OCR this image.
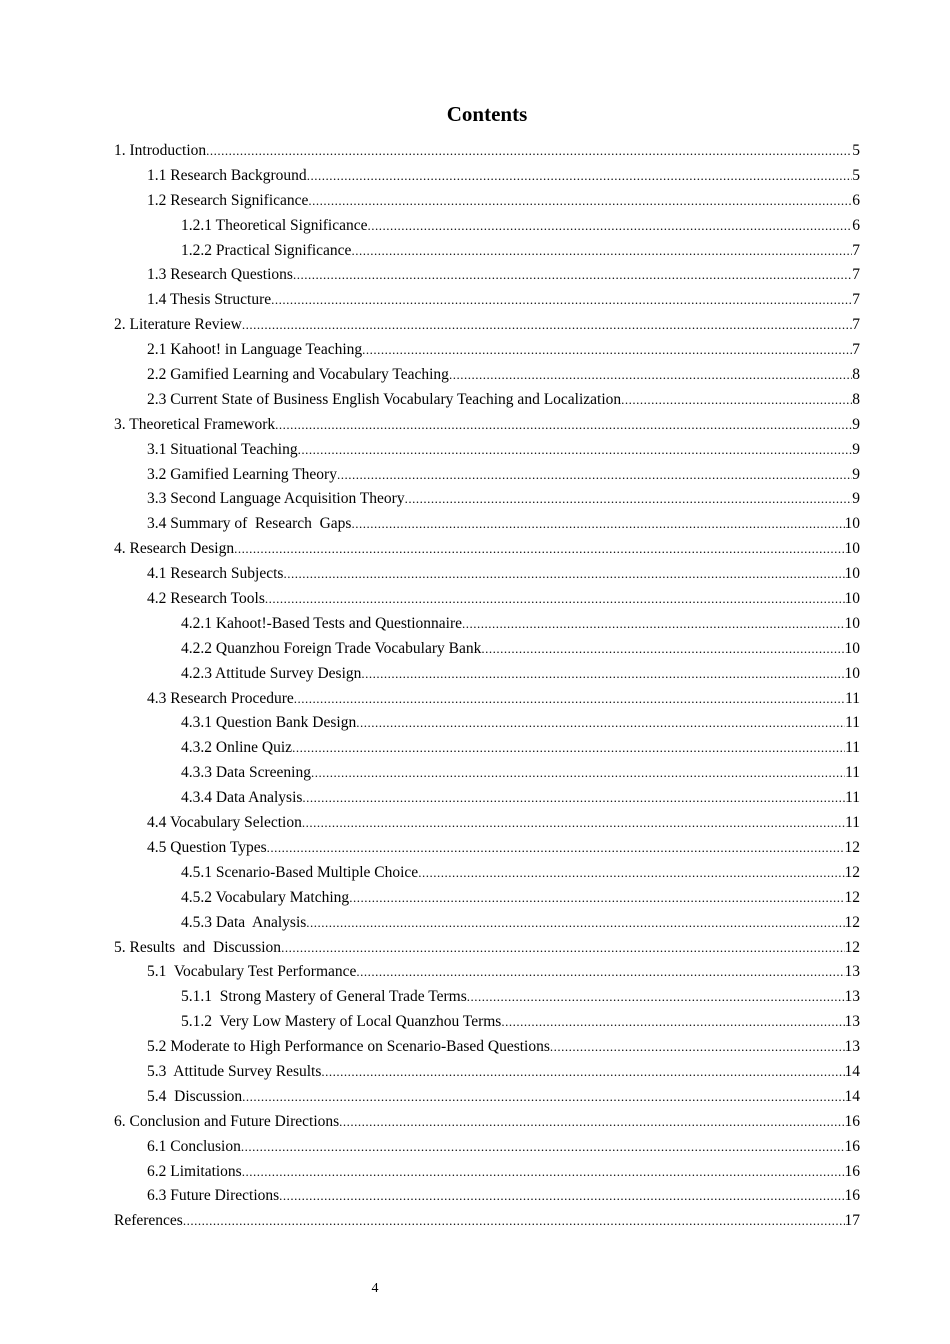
Contents
1. Introduction .....	5
1.1 Research Background .....	5
1.2 Research Significance .....	6
1.2.1 Theoretical Significance .....	6
1.2.2 Practical Significance .....	7
1.3 Research Questions .....	7
1.4 Thesis Structure .....	7
2. Literature Review .....	7
2.1 Kahoot! in Language Teaching .....	7
2.2 Gamified Learning and Vocabulary Teaching .....	8
2.3 Current State of Business English Vocabulary Teaching and Localization .....	8
3. Theoretical Framework .....	9
3.1 Situational Teaching .....	9
3.2 Gamified Learning Theory .....	9
3.3 Second Language Acquisition Theory .....	9
3.4 Summary of  Research  Gaps .....	10
4. Research Design .....	10
4.1 Research Subjects .....	10
4.2 Research Tools .....	10
4.2.1 Kahoot!-Based Tests and Questionnaire .....	10
4.2.2 Quanzhou Foreign Trade Vocabulary Bank .....	10
4.2.3 Attitude Survey Design .....	10
4.3 Research Procedure .....	11
4.3.1 Question Bank Design .....	11
4.3.2 Online Quiz .....	11
4.3.3 Data Screening .....	11
4.3.4 Data Analysis .....	11
4.4 Vocabulary Selection .....	11
4.5 Question Types .....	12
4.5.1 Scenario-Based Multiple Choice .....	12
4.5.2 Vocabulary Matching .....	12
4.5.3 Data  Analysis .....	12
5. Results  and  Discussion .....	12
5.1  Vocabulary Test Performance .....	13
5.1.1  Strong Mastery of General Trade Terms .....	13
5.1.2  Very Low Mastery of Local Quanzhou Terms .....	13
5.2 Moderate to High Performance on Scenario-Based Questions .....	13
5.3  Attitude Survey Results .....	14
5.4  Discussion .....	14
6. Conclusion and Future Directions .....	16
6.1 Conclusion .....	16
6.2 Limitations .....	16
6.3 Future Directions .....	16
References .....	17
4
